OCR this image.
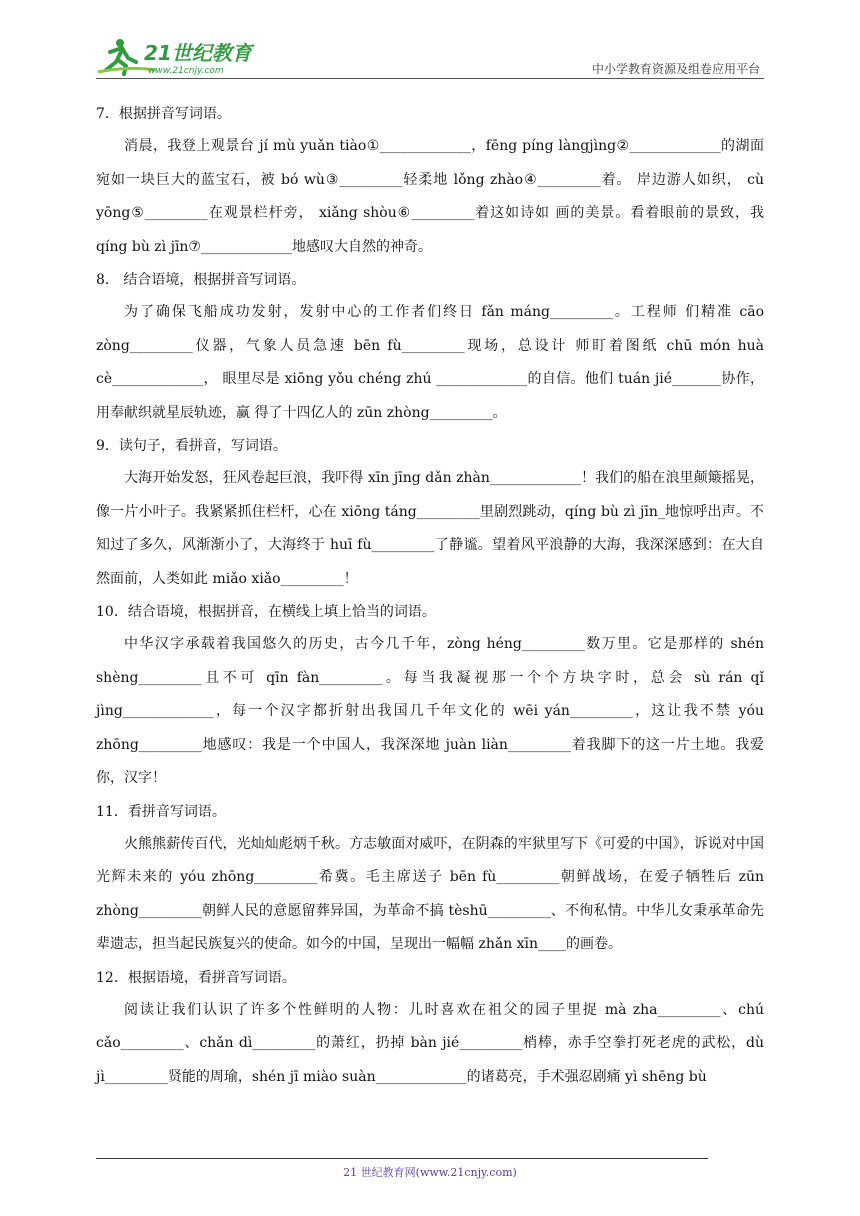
21世纪教育
www.21cnjy.com	中小学教育资源及组卷应用平台

7．根据拼音写词语。

消晨，我登上观景台 jí mù yuǎn tiào①_____________，fēng píng làngjìng②_____________的湖面宛如一块巨大的蓝宝石，被 bó wù③_________轻柔地 lǒng zhào④_________着。 岸边游人如织， cù yōng⑤_________在观景栏杆旁， xiǎng shòu⑥_________着这如诗如 画的美景。看着眼前的景致，我 qíng bù zì jīn⑦_____________地感叹大自然的神奇。

8． 结合语境，根据拼音写词语。

为了确保飞船成功发射，发射中心的工作者们终日 fǎn máng_________。工程师 们精准 cāo zòng_________仪器，气象人员急速 bēn fù_________现场，总设计 师盯着图纸 chū món huà cè_____________， 眼里尽是 xiōng yǒu chéng zhú _____________的自信。他们 tuán jié_______协作，用奉献织就星辰轨迹，赢 得了十四亿人的 zūn zhòng_________。

9．读句子，看拼音，写词语。

大海开始发怒，狂风卷起巨浪，我吓得 xīn jīng dǎn zhàn_____________！我们的船在浪里颠簸摇晃，像一片小叶子。我紧紧抓住栏杆，心在 xiōng táng_________里剧烈跳动，qíng bù zì jīn_地惊呼出声。不知过了多久，风渐渐小了，大海终于 huī fù_________了静谧。望着风平浪静的大海，我深深感到：在大自然面前，人类如此 miǎo xiǎo_________！

10．结合语境，根据拼音，在横线上填上恰当的词语。

中华汉字承载着我国悠久的历史，古今几千年，zòng héng_________数万里。它是那样的 shén shèng_________且不可 qīn fàn_________。每当我凝视那一个个方块字时，总会 sù rán qǐ jìng_____________，每一个汉字都折射出我国几千年文化的 wēi yán_________，这让我不禁 yóu zhōng_________地感叹：我是一个中国人，我深深地 juàn liàn_________着我脚下的这一片土地。我爱你，汉字！

11．看拼音写词语。

火熊熊薪传百代，光灿灿彪炳千秋。方志敏面对威吓，在阴森的牢狱里写下《可爱的中国》，诉说对中国光辉未来的 yóu zhōng_________希冀。毛主席送子 bēn fù_________朝鲜战场，在爱子牺牲后 zūn zhòng_________朝鲜人民的意愿留葬异国，为革命不搞 tèshū_________、不徇私情。中华儿女秉承革命先辈遗志，担当起民族复兴的使命。如今的中国，呈现出一幅幅 zhǎn xīn____的画卷。

12．根据语境，看拼音写词语。

阅读让我们认识了许多个性鲜明的人物：儿时喜欢在祖父的园子里捉 mà zha_________、chú cǎo_________、chǎn dì_________的萧红，扔掉 bàn jié_________梢棒，赤手空拳打死老虎的武松，dù jì_________贤能的周瑜，shén jī miào suàn_____________的诸葛亮，手术强忍剧痛 yì shēng bù

21 世纪教育网(www.21cnjy.com)
